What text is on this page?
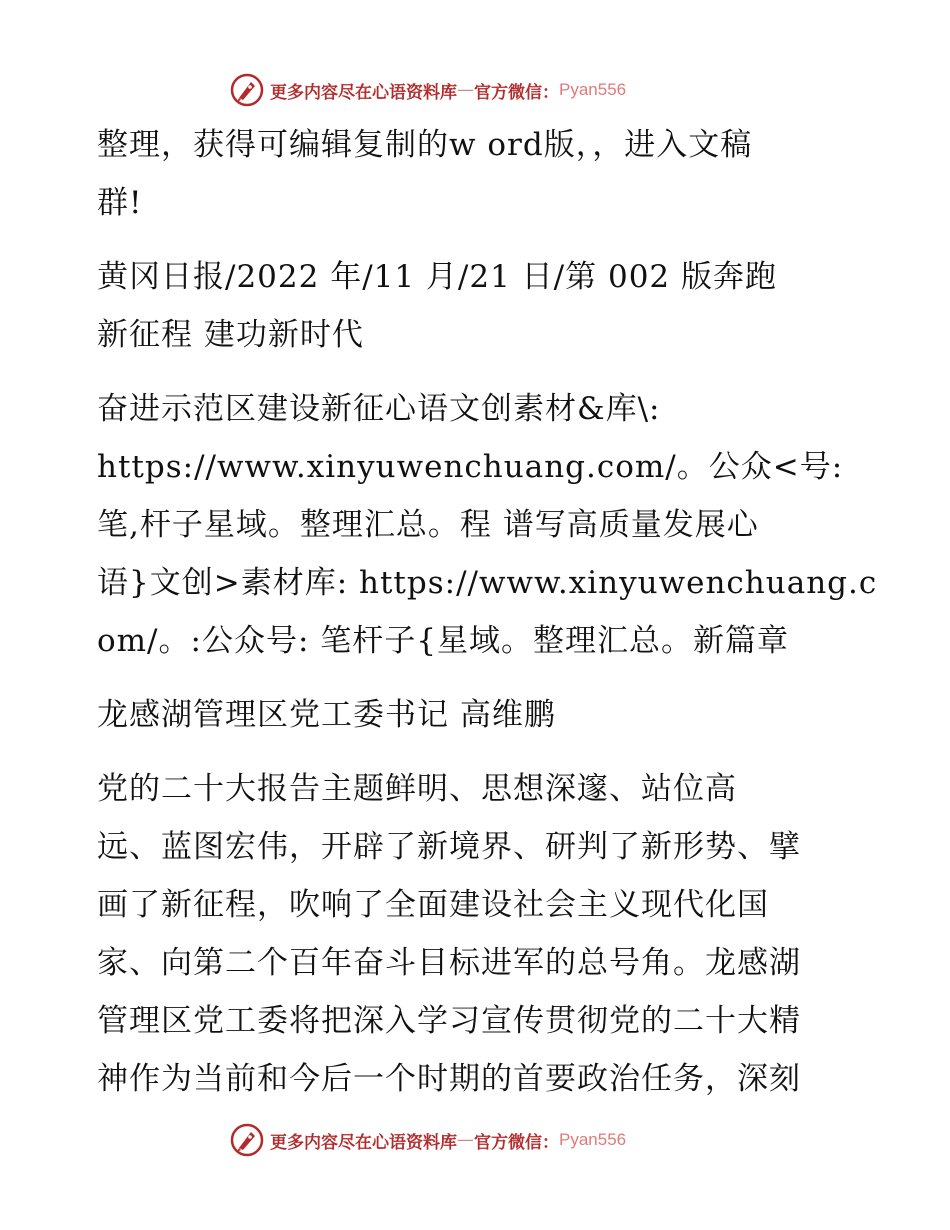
更多内容尽在心语资料库 — 官方微信： Pyan556

整理，获得可编辑复制的w ord版，，进入文稿
群!

黄冈日报/2022 年/11 月/21 日/第 002 版奔跑
新征程 建功新时代

奋进示范区建设新征心语文创素材&库\:
https://www.xinyuwenchuang.com/。公众<号:
笔,杆子星域。整理汇总。程 谱写高质量发展心
语}文创>素材库: https://www.xinyuwenchuang.c
om/。:公众号: 笔杆子{星域。整理汇总。新篇章

龙感湖管理区党工委书记 高维鹏

党的二十大报告主题鲜明、思想深邃、站位高
远、蓝图宏伟，开辟了新境界、研判了新形势、擘
画了新征程，吹响了全面建设社会主义现代化国
家、向第二个百年奋斗目标进军的总号角。龙感湖
管理区党工委将把深入学习宣传贯彻党的二十大精
神作为当前和今后一个时期的首要政治任务，深刻

更多内容尽在心语资料库 — 官方微信： Pyan556
